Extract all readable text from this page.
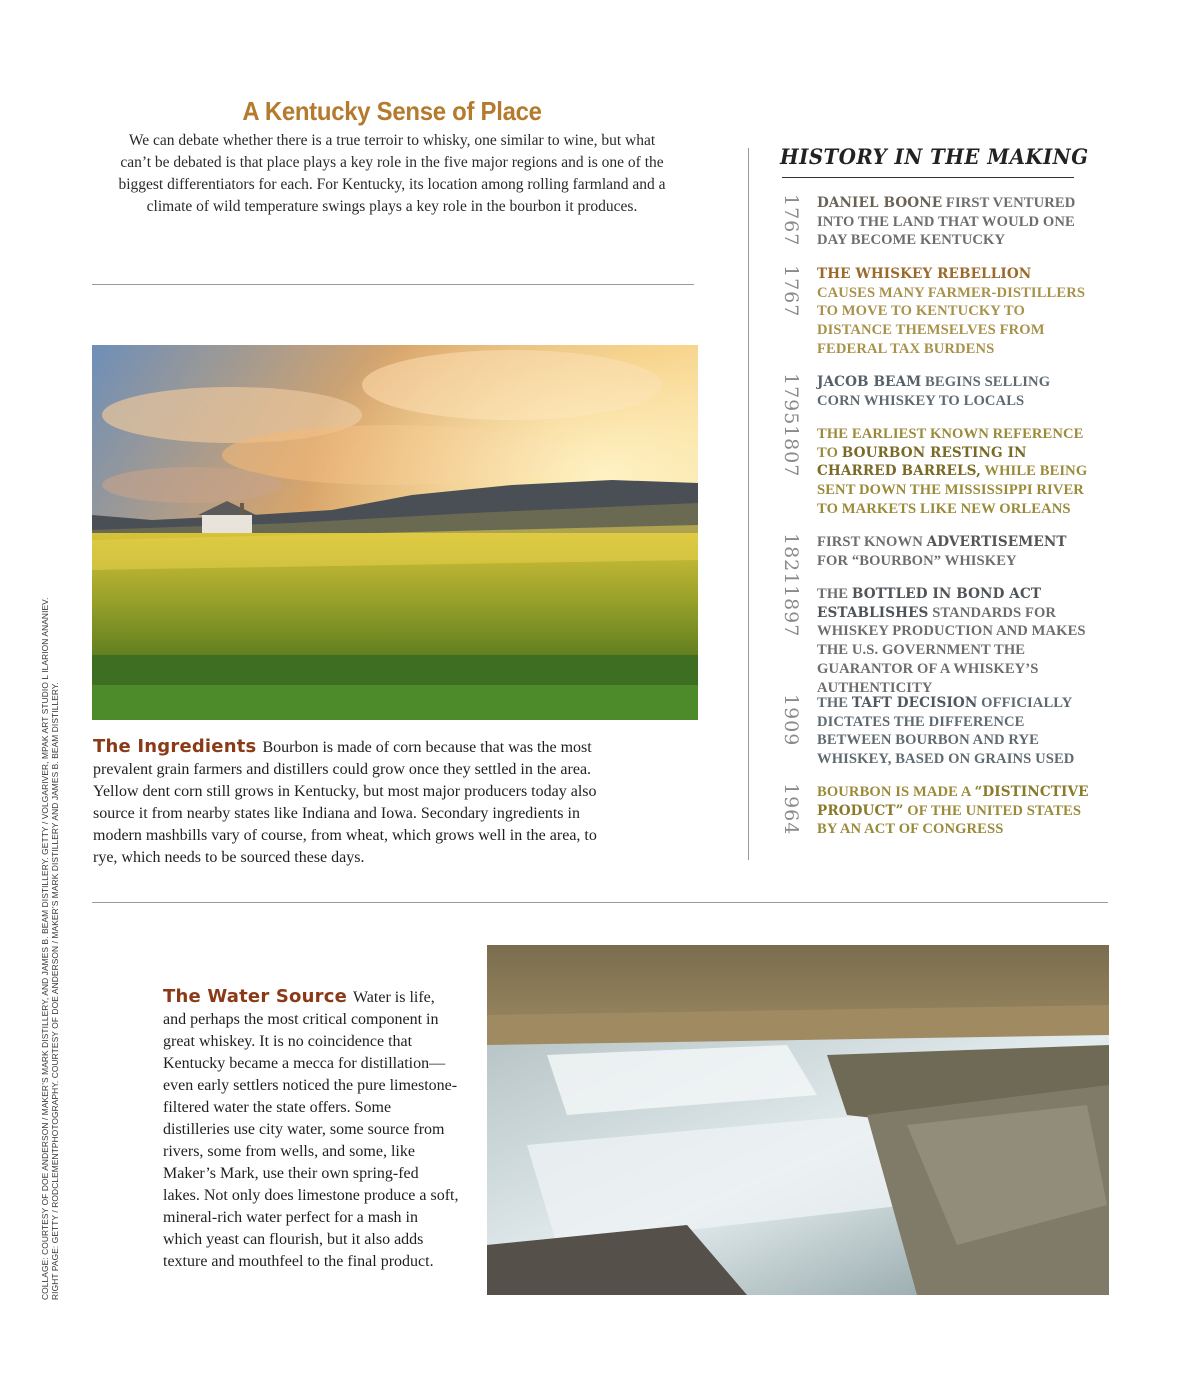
A Kentucky Sense of Place
We can debate whether there is a true terroir to whisky, one similar to wine, but what can’t be debated is that place plays a key role in the five major regions and is one of the biggest differentiators for each. For Kentucky, its location among rolling farmland and a climate of wild temperature swings plays a key role in the bourbon it produces.
The Ingredients Bourbon is made of corn because that was the most prevalent grain farmers and distillers could grow once they settled in the area. Yellow dent corn still grows in Kentucky, but most major producers today also source it from nearby states like Indiana and Iowa. Secondary ingredients in modern mashbills vary of course, from wheat, which grows well in the area, to rye, which needs to be sourced these days.
The Water Source Water is life, and perhaps the most critical component in great whiskey. It is no coincidence that Kentucky became a mecca for distillation— even early settlers noticed the pure limestone-filtered water the state offers. Some distilleries use city water, some source from rivers, some from wells, and some, like Maker’s Mark, use their own spring-fed lakes. Not only does limestone produce a soft, mineral-rich water perfect for a mash in which yeast can flourish, but it also adds texture and mouthfeel to the final product.
HISTORY IN THE MAKING
1767 DANIEL BOONE FIRST VENTURED INTO THE LAND THAT WOULD ONE DAY BECOME KENTUCKY
1767 THE WHISKEY REBELLION CAUSES MANY FARMER-DISTILLERS TO MOVE TO KENTUCKY TO DISTANCE THEMSELVES FROM FEDERAL TAX BURDENS
1795 JACOB BEAM BEGINS SELLING CORN WHISKEY TO LOCALS
1807 THE EARLIEST KNOWN REFERENCE TO BOURBON RESTING IN CHARRED BARRELS, WHILE BEING SENT DOWN THE MISSISSIPPI RIVER TO MARKETS LIKE NEW ORLEANS
1821 FIRST KNOWN ADVERTISEMENT FOR “BOURBON” WHISKEY
1897 THE BOTTLED IN BOND ACT ESTABLISHES STANDARDS FOR WHISKEY PRODUCTION AND MAKES THE U.S. GOVERNMENT THE GUARANTOR OF A WHISKEY’S AUTHENTICITY
1909 THE TAFT DECISION OFFICIALLY DICTATES THE DIFFERENCE BETWEEN BOURBON AND RYE WHISKEY, BASED ON GRAINS USED
1964 BOURBON IS MADE A “DISTINCTIVE PRODUCT” OF THE UNITED STATES BY AN ACT OF CONGRESS
COLLAGE: COURTESY OF DOE ANDERSON / MAKER’S MARK DISTILLERY, AND JAMES B. BEAM DISTILLERY. GETTY / VOLGARIVER, MPAK ART STUDIO L ILARION ANANIEV. RIGHT PAGE: GETTY / RODCLEMENTPHOTOGRAPHY. COURTESY OF DOE ANDERSON / MAKER’S MARK DISTILLERY AND JAMES B. BEAM DISTILLERY.
